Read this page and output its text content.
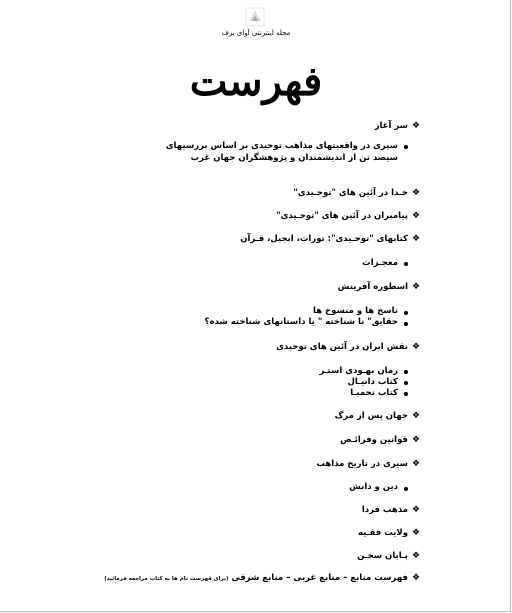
مجله اینترنتی آوای برف
فهرست
❖
سر آغاز
سیری در واقعیتهای مذاهب توحیدی بر اساس بررسیهای
سیصد تن از اندیشمندان و پژوهشگران جهان غرب
❖
خـدا در آئین های "توحـیدی"
❖
پیامبران در آئین های "توحـیدی"
❖
کتابهای "توحـیدی": تورات، انجیل، قـرآن
معجـزات
❖
اسطوره آفرینش
ناسخ ها و منسوخ ها
حقایق" نا شناخته " یا داستانهای شناخته شده؟
❖
نقش ایران در آئین های توحیدی
رمان بهـودی استـر
کتاب دانیـال
کتاب نحمیـا
❖
جهان پس از مرگ
❖
قوانین وفرائـض
❖
سیری در تاریخ مذاهب
دین و دانش
❖
مذهب فردا
❖
ولایت فقـیه
❖
پـایان سخـن
❖
فهرست منابع – منابع غربی – منابع شرقی (برای فهرست تام ها به کتاب مراجعه فرمائید)
